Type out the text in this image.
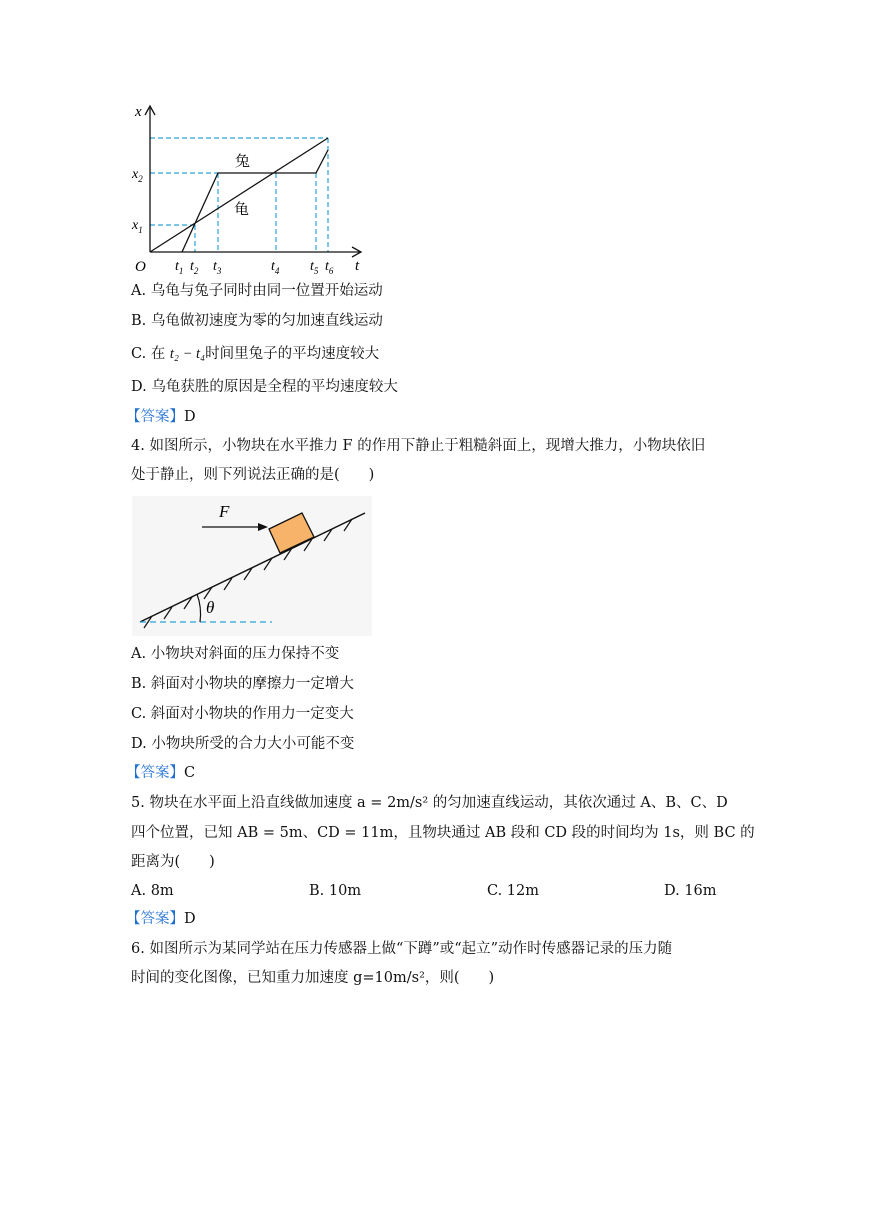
x
t
O
$x_2$
$x_1$
$t_1$ $t_2$ $t_3$	$t_4$ $t_5$ $t_6$
兔
龟
A. 乌龟与兔子同时由同一位置开始运动
B. 乌龟做初速度为零的匀加速直线运动
C. 在 t₂ − t₄时间里兔子的平均速度较大
D. 乌龟获胜的原因是全程的平均速度较大
【答案】D
4. 如图所示，小物块在水平推力 F 的作用下静止于粗糙斜面上，现增大推力，小物块依旧
处于静止，则下列说法正确的是(　　)
θ
F
A. 小物块对斜面的压力保持不变
B. 斜面对小物块的摩擦力一定增大
C. 斜面对小物块的作用力一定变大
D. 小物块所受的合力大小可能不变
【答案】C
5. 物块在水平面上沿直线做加速度 a = 2m/s² 的匀加速直线运动，其依次通过 A、B、C、D
四个位置，已知 AB = 5m、CD = 11m，且物块通过 AB 段和 CD 段的时间均为 1s，则 BC 的
距离为(　　)
A. 8m	B. 10m	C. 12m	D. 16m
【答案】D
6. 如图所示为某同学站在压力传感器上做“下蹲”或“起立”动作时传感器记录的压力随
时间的变化图像，已知重力加速度 g=10m/s²，则(　　)
